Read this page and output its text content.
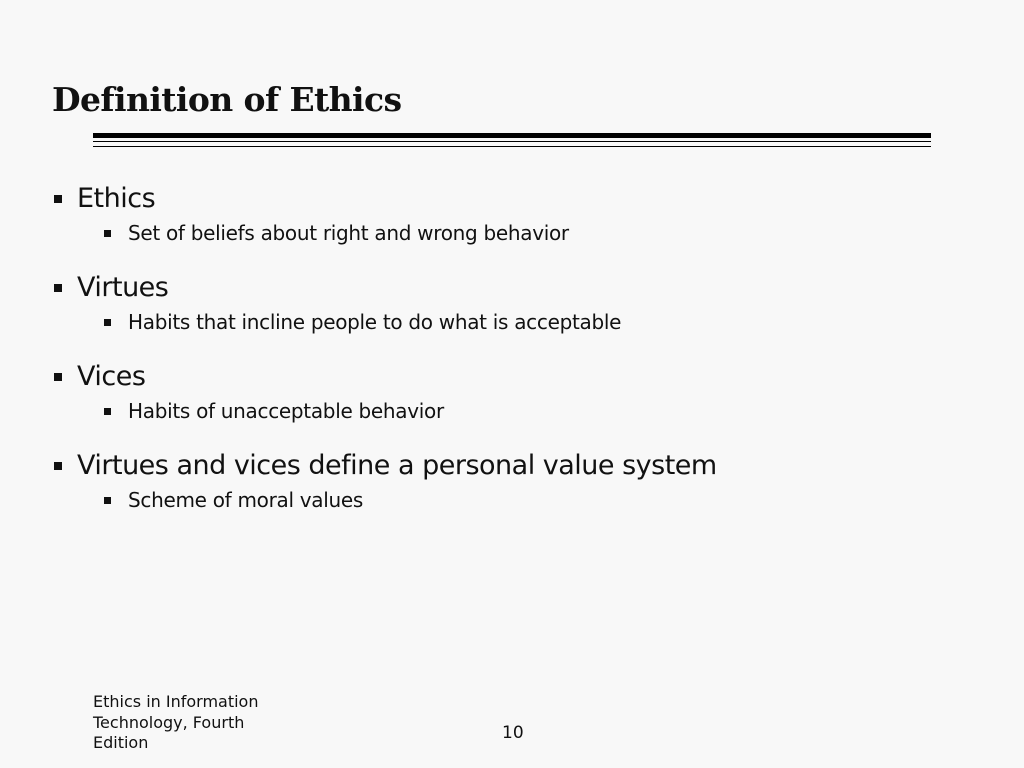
Definition of Ethics
Ethics
Set of beliefs about right and wrong behavior
Virtues
Habits that incline people to do what is acceptable
Vices
Habits of unacceptable behavior
Virtues and vices define a personal value system
Scheme of moral values
Ethics in Information Technology, Fourth Edition	10
